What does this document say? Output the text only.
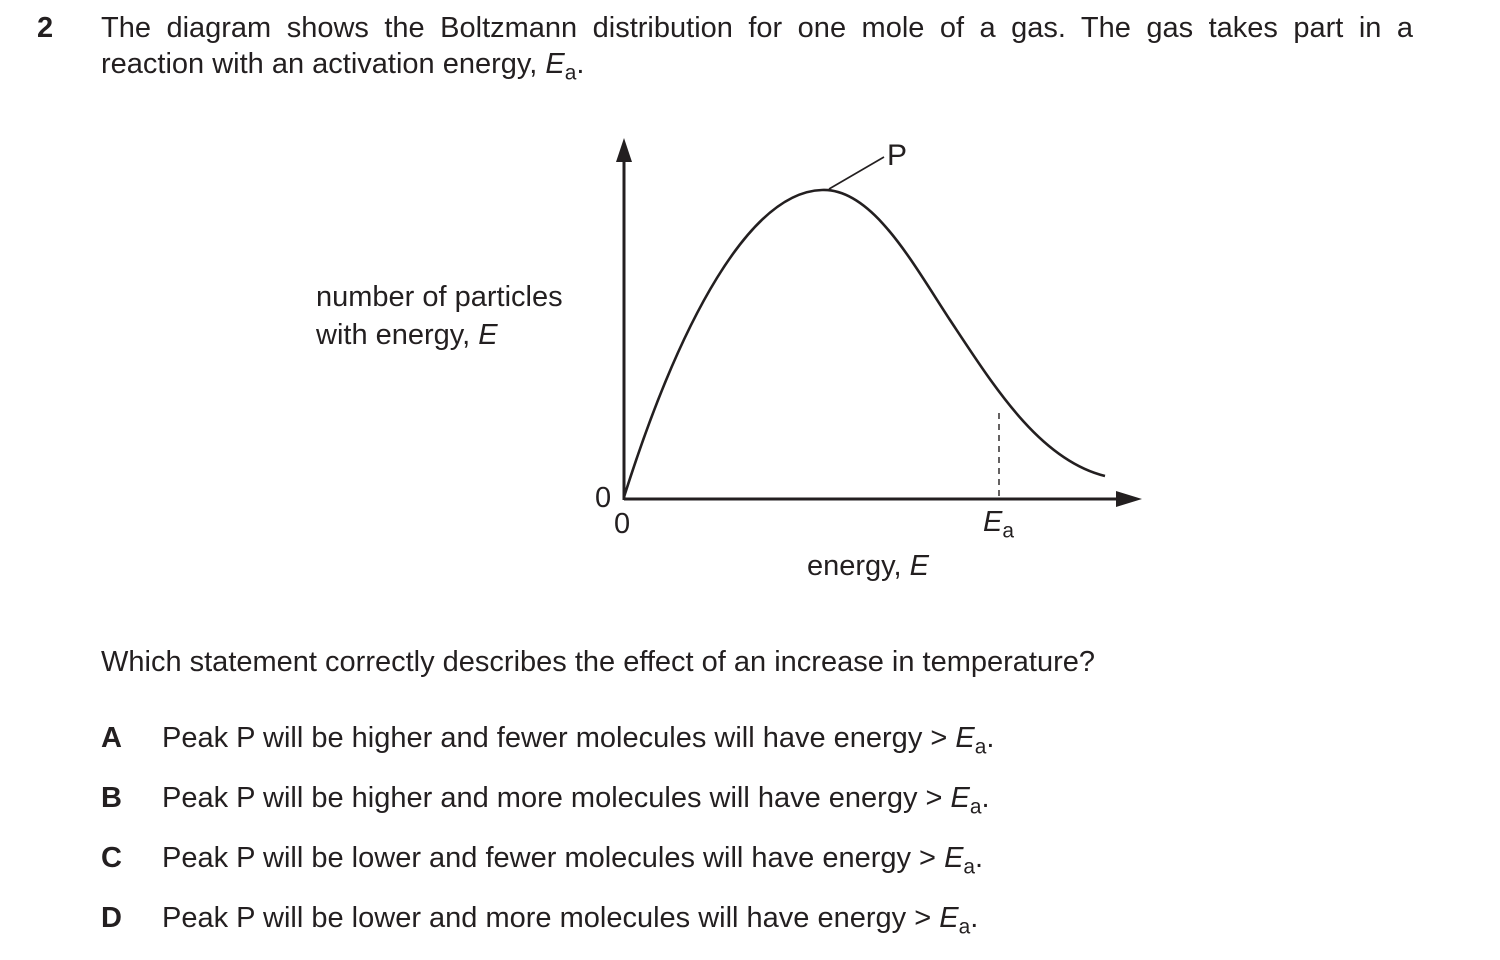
2 The diagram shows the Boltzmann distribution for one mole of a gas. The gas takes part in a
reaction with an activation energy, $E_a$.
number of particles
with energy, E
0
0
P
$E_a$
energy, E
Which statement correctly describes the effect of an increase in temperature?
A Peak P will be higher and fewer molecules will have energy > $E_a$.
B Peak P will be higher and more molecules will have energy > $E_a$.
C Peak P will be lower and fewer molecules will have energy > $E_a$.
D Peak P will be lower and more molecules will have energy > $E_a$.
